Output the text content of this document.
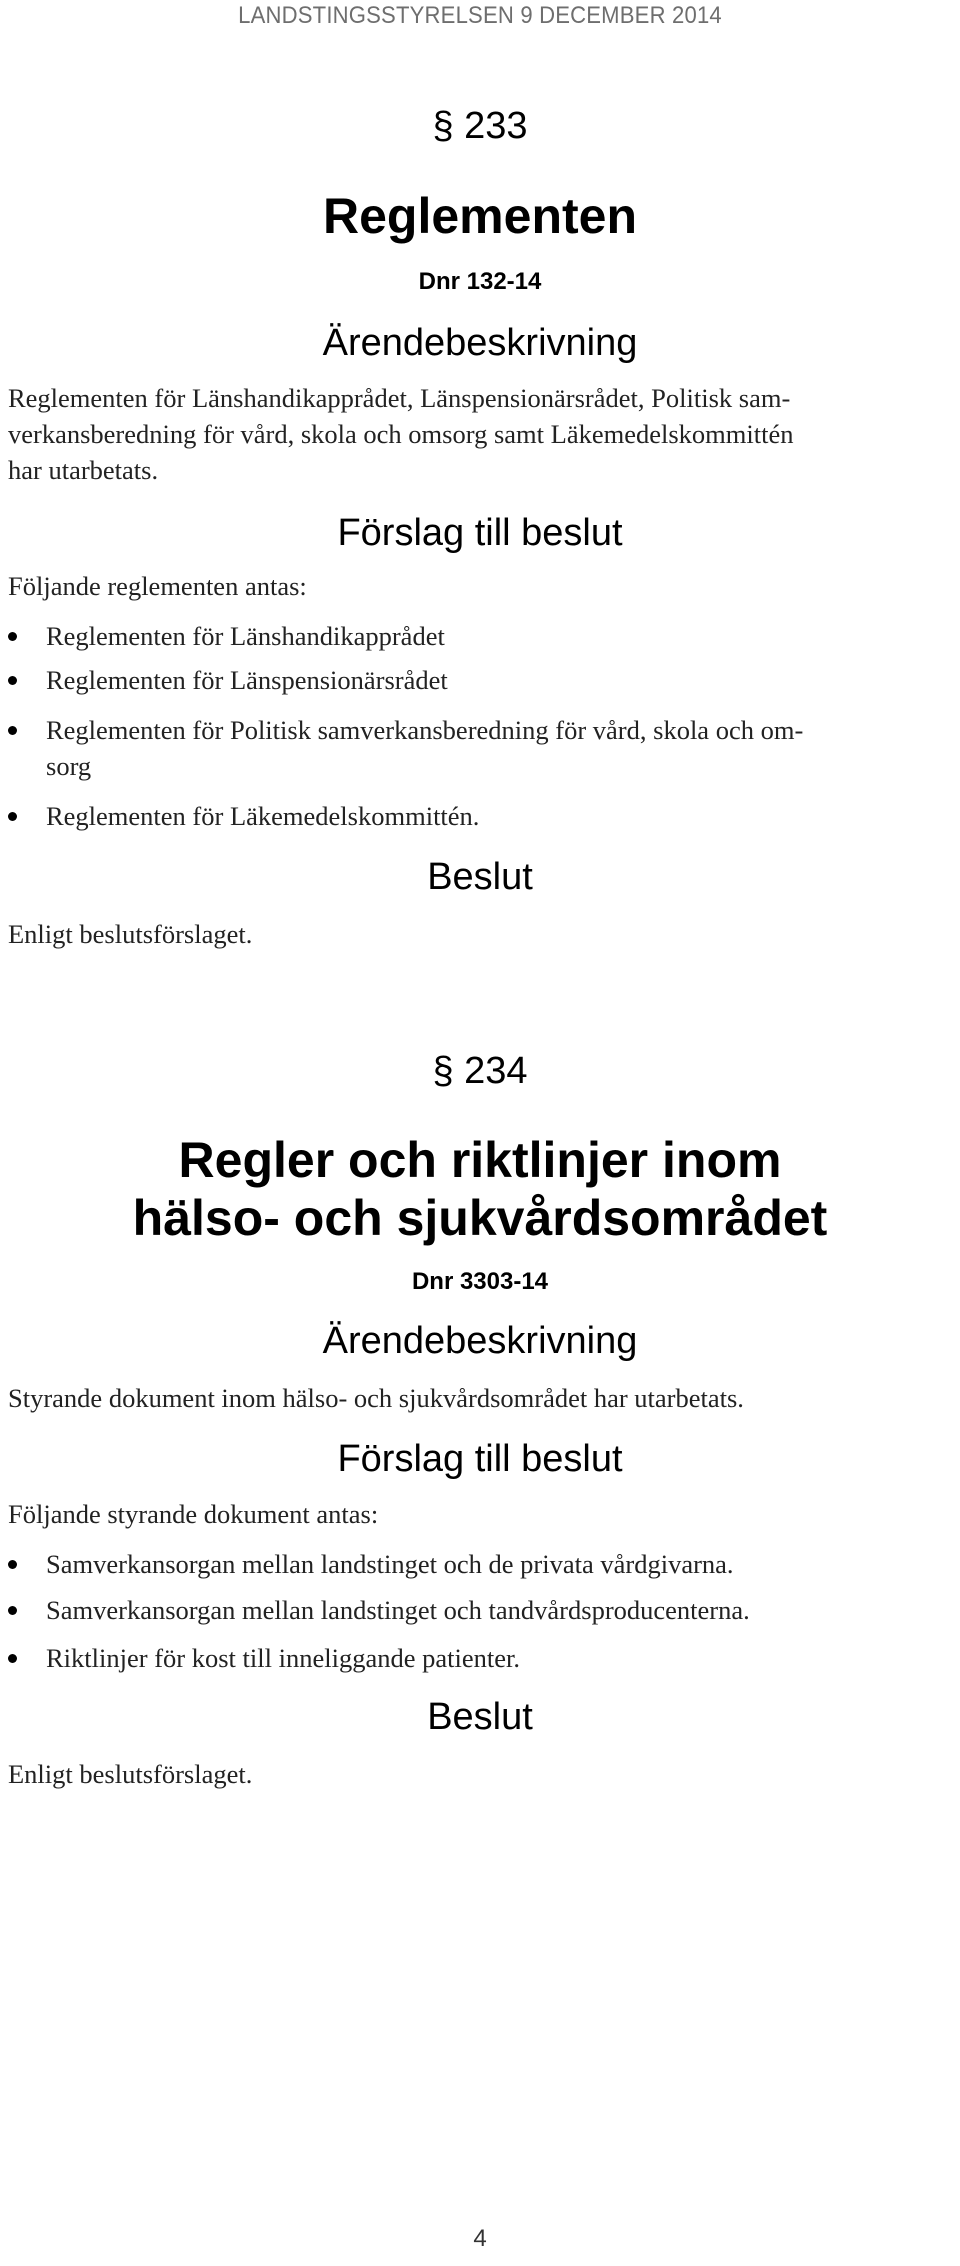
LANDSTINGSSTYRELSEN 9 DECEMBER 2014
§ 233
Reglementen
Dnr 132-14
Ärendebeskrivning
Reglementen för Länshandikapprådet, Länspensionärsrådet, Politisk sam-
verkansberedning för vård, skola och omsorg samt Läkemedelskommittén
har utarbetats.
Förslag till beslut
Följande reglementen antas:
Reglementen för Länshandikapprådet
Reglementen för Länspensionärsrådet
Reglementen för Politisk samverkansberedning för vård, skola och om-
sorg
Reglementen för Läkemedelskommittén.
Beslut
Enligt beslutsförslaget.
§ 234
Regler och riktlinjer inom
hälso- och sjukvårdsområdet
Dnr 3303-14
Ärendebeskrivning
Styrande dokument inom hälso- och sjukvårdsområdet har utarbetats.
Förslag till beslut
Följande styrande dokument antas:
Samverkansorgan mellan landstinget och de privata vårdgivarna.
Samverkansorgan mellan landstinget och tandvårdsproducenterna.
Riktlinjer för kost till inneliggande patienter.
Beslut
Enligt beslutsförslaget.
4
